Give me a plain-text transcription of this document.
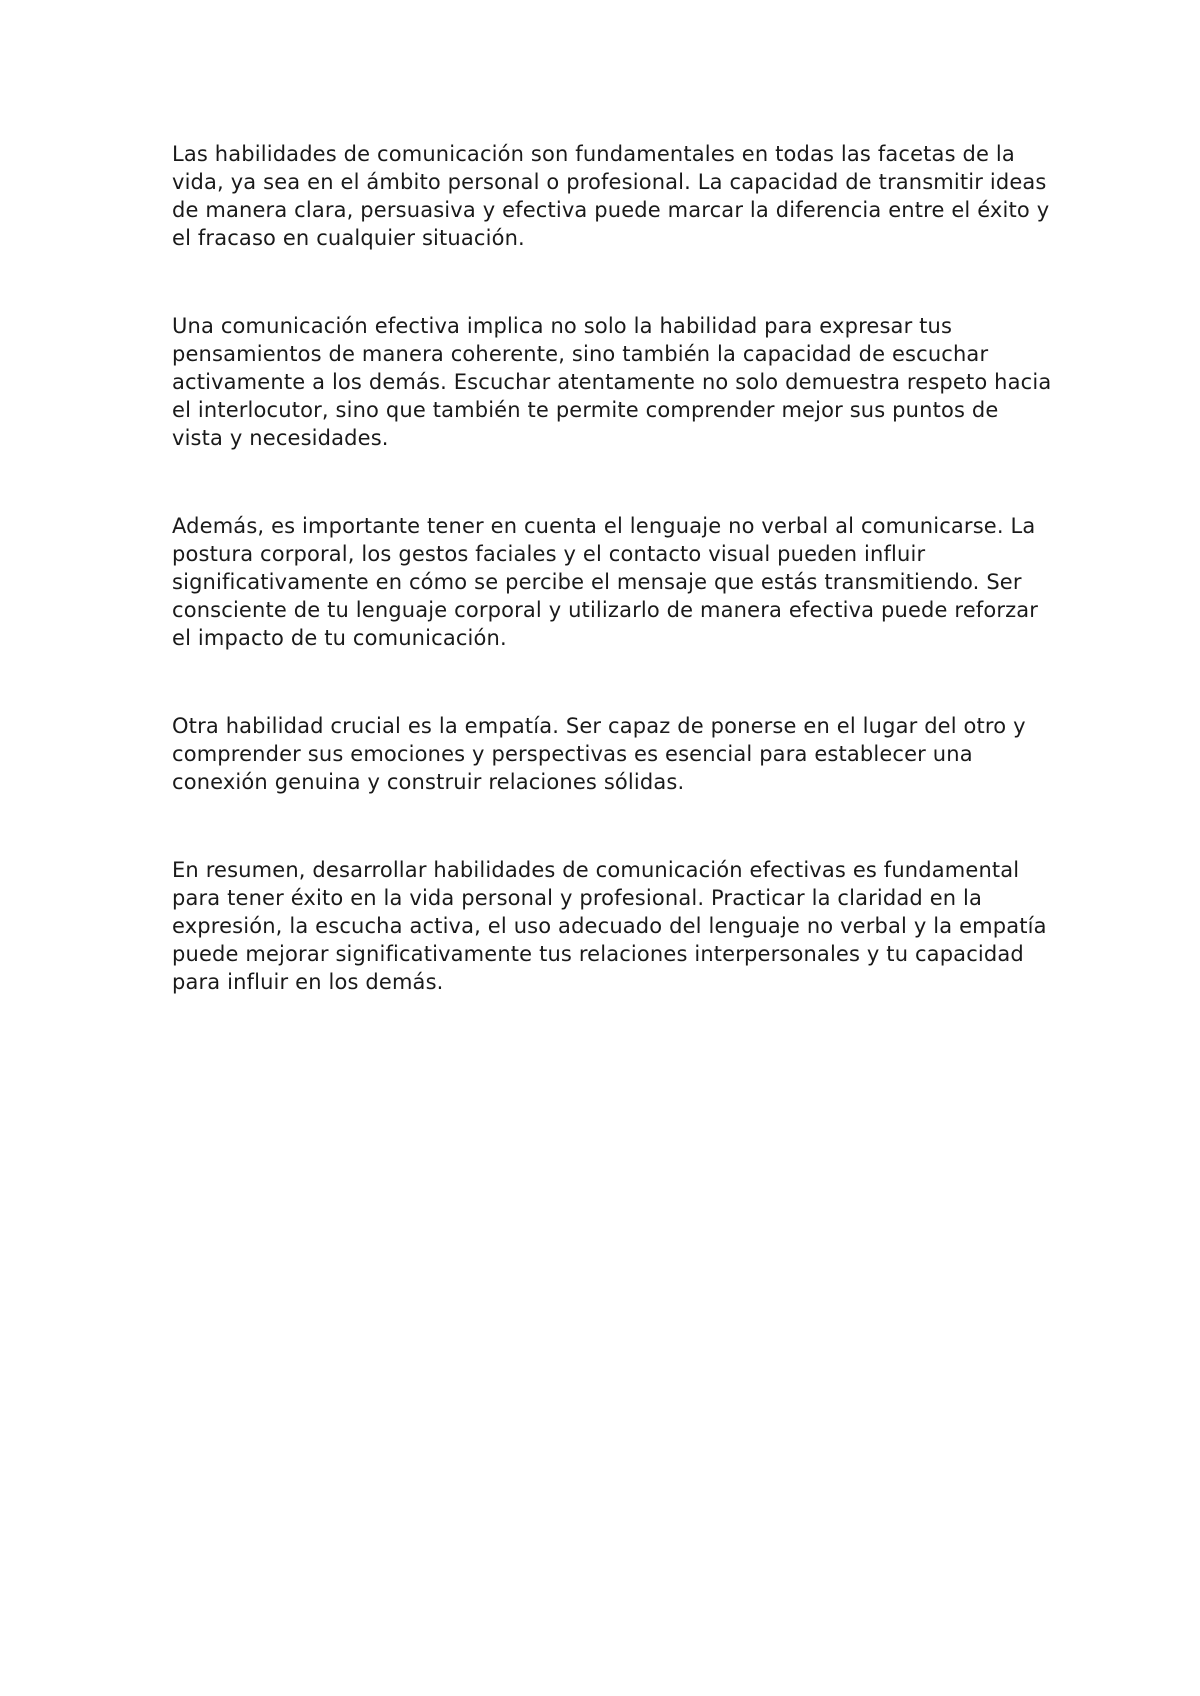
Las habilidades de comunicación son fundamentales en todas las facetas de la vida, ya sea en el ámbito personal o profesional. La capacidad de transmitir ideas de manera clara, persuasiva y efectiva puede marcar la diferencia entre el éxito y el fracaso en cualquier situación.

Una comunicación efectiva implica no solo la habilidad para expresar tus pensamientos de manera coherente, sino también la capacidad de escuchar activamente a los demás. Escuchar atentamente no solo demuestra respeto hacia el interlocutor, sino que también te permite comprender mejor sus puntos de vista y necesidades.

Además, es importante tener en cuenta el lenguaje no verbal al comunicarse. La postura corporal, los gestos faciales y el contacto visual pueden influir significativamente en cómo se percibe el mensaje que estás transmitiendo. Ser consciente de tu lenguaje corporal y utilizarlo de manera efectiva puede reforzar el impacto de tu comunicación.

Otra habilidad crucial es la empatía. Ser capaz de ponerse en el lugar del otro y comprender sus emociones y perspectivas es esencial para establecer una conexión genuina y construir relaciones sólidas.

En resumen, desarrollar habilidades de comunicación efectivas es fundamental para tener éxito en la vida personal y profesional. Practicar la claridad en la expresión, la escucha activa, el uso adecuado del lenguaje no verbal y la empatía puede mejorar significativamente tus relaciones interpersonales y tu capacidad para influir en los demás.
